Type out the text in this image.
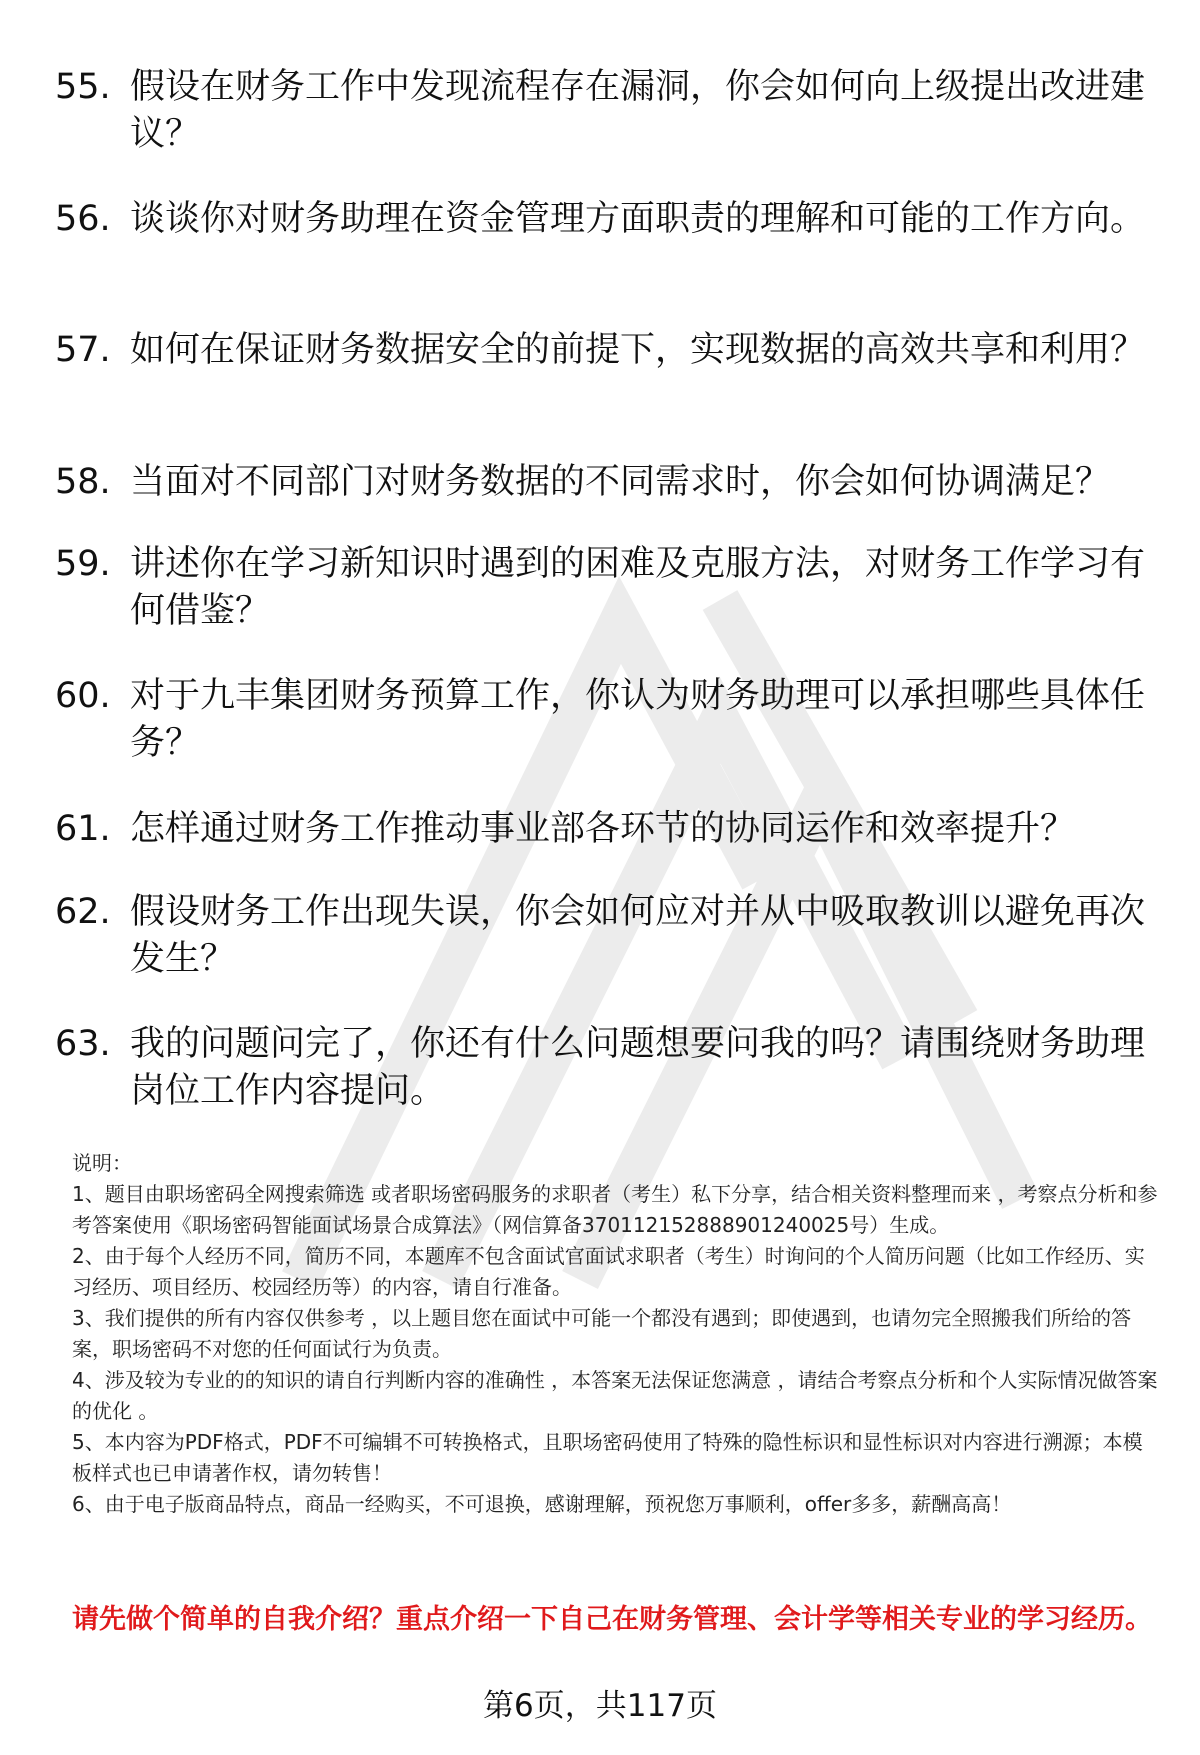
55. 假设在财务工作中发现流程存在漏洞，你会如何向上级提出改进建议？
56. 谈谈你对财务助理在资金管理方面职责的理解和可能的工作方向。
57. 如何在保证财务数据安全的前提下，实现数据的高效共享和利用？
58. 当面对不同部门对财务数据的不同需求时，你会如何协调满足？
59. 讲述你在学习新知识时遇到的困难及克服方法，对财务工作学习有何借鉴？
60. 对于九丰集团财务预算工作，你认为财务助理可以承担哪些具体任务？
61. 怎样通过财务工作推动事业部各环节的协同运作和效率提升？
62. 假设财务工作出现失误，你会如何应对并从中吸取教训以避免再次发生？
63. 我的问题问完了，你还有什么问题想要问我的吗？请围绕财务助理岗位工作内容提问。

说明：

1、题目由职场密码全网搜索筛选 或者职场密码服务的求职者（考生）私下分享，结合相关资料整理而来 ，考察点分析和参考答案使用《职场密码智能面试场景合成算法》（网信算备370112152888901240025号）生成。

2、由于每个人经历不同，简历不同，本题库不包含面试官面试求职者（考生）时询问的个人简历问题（比如工作经历、实习经历、项目经历、校园经历等）的内容，请自行准备。

3、我们提供的所有内容仅供参考 ，以上题目您在面试中可能一个都没有遇到；即使遇到，也请勿完全照搬我们所给的答案，职场密码不对您的任何面试行为负责。

4、涉及较为专业的的知识的请自行判断内容的准确性 ，本答案无法保证您满意 ，请结合考察点分析和个人实际情况做答案的优化 。

5、本内容为PDF格式，PDF不可编辑不可转换格式，且职场密码使用了特殊的隐性标识和显性标识对内容进行溯源；本模板样式也已申请著作权，请勿转售！

6、由于电子版商品特点，商品一经购买，不可退换，感谢理解，预祝您万事顺利，offer多多，薪酬高高！

请先做个简单的自我介绍？重点介绍一下自己在财务管理、会计学等相关专业的学习经历。
第6页，共117页
